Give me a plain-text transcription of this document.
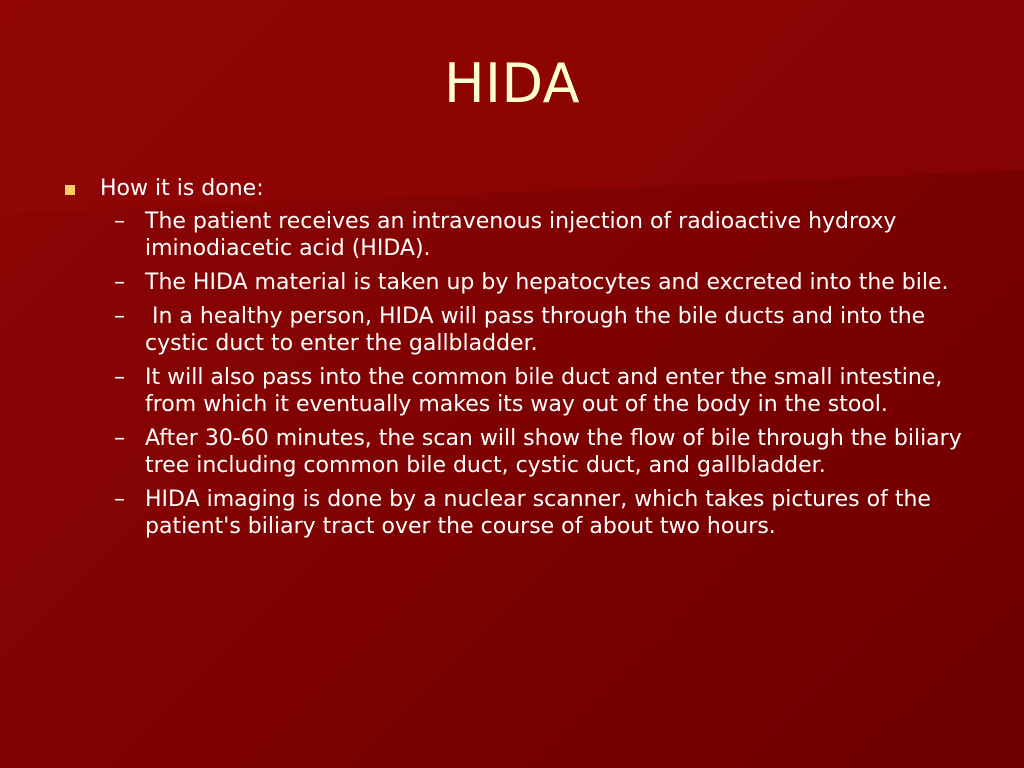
HIDA
How it is done:
– The patient receives an intravenous injection of radioactive hydroxy iminodiacetic acid (HIDA).
– The HIDA material is taken up by hepatocytes and excreted into the bile.
– In a healthy person, HIDA will pass through the bile ducts and into the cystic duct to enter the gallbladder.
– It will also pass into the common bile duct and enter the small intestine, from which it eventually makes its way out of the body in the stool.
– After 30-60 minutes, the scan will show the flow of bile through the biliary tree including common bile duct, cystic duct, and gallbladder.
– HIDA imaging is done by a nuclear scanner, which takes pictures of the patient's biliary tract over the course of about two hours.
